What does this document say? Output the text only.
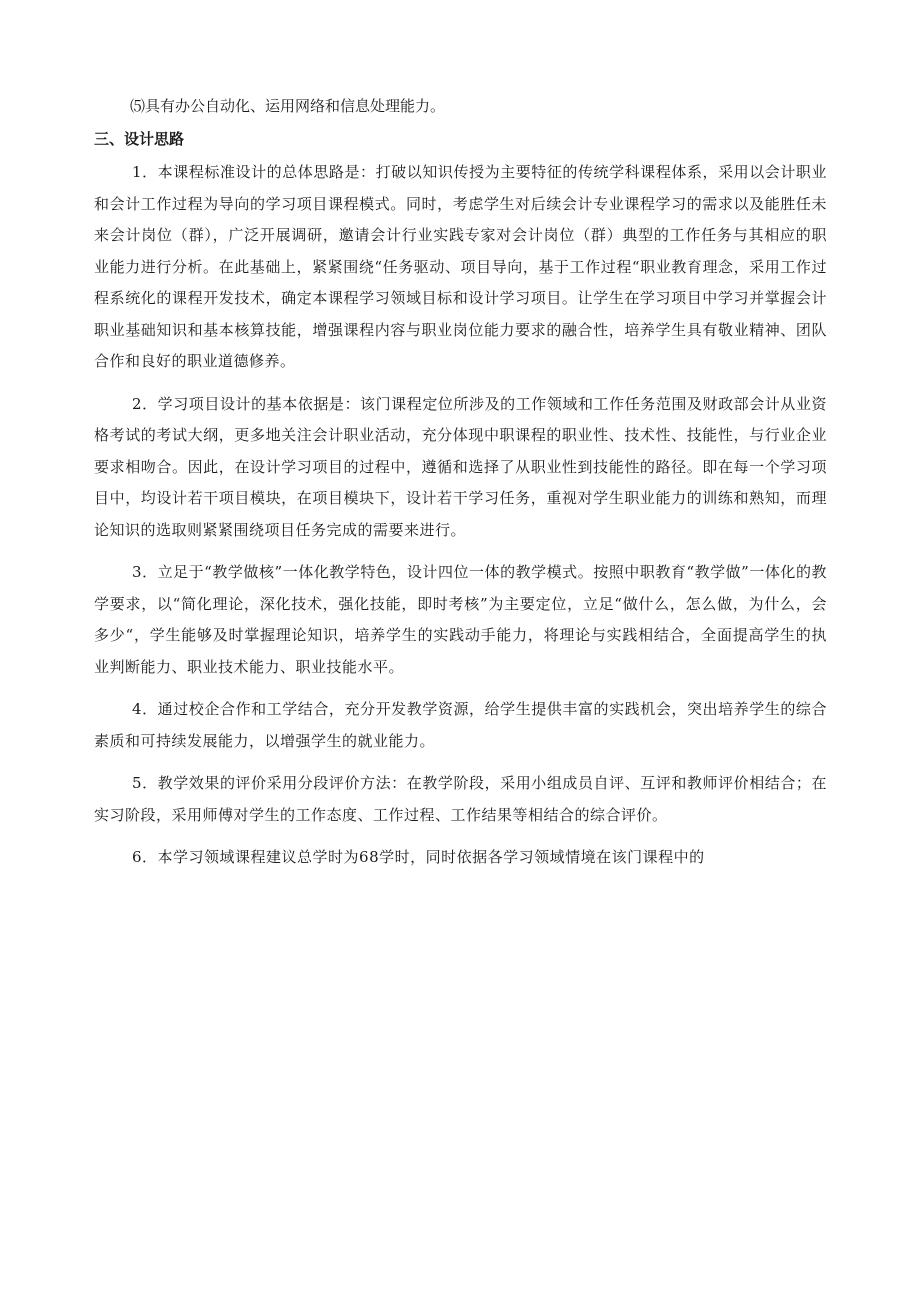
⑸具有办公自动化、运用网络和信息处理能力。

三、设计思路

1．本课程标准设计的总体思路是：打破以知识传授为主要特征的传统学科课程体系，采用以会计职业和会计工作过程为导向的学习项目课程模式。同时，考虑学生对后续会计专业课程学习的需求以及能胜任未来会计岗位（群），广泛开展调研，邀请会计行业实践专家对会计岗位（群）典型的工作任务与其相应的职业能力进行分析。在此基础上，紧紧围绕“任务驱动、项目导向，基于工作过程“职业教育理念，采用工作过程系统化的课程开发技术，确定本课程学习领域目标和设计学习项目。让学生在学习项目中学习并掌握会计职业基础知识和基本核算技能，增强课程内容与职业岗位能力要求的融合性，培养学生具有敬业精神、团队合作和良好的职业道德修养。

2．学习项目设计的基本依据是：该门课程定位所涉及的工作领域和工作任务范围及财政部会计从业资格考试的考试大纲，更多地关注会计职业活动，充分体现中职课程的职业性、技术性、技能性，与行业企业要求相吻合。因此，在设计学习项目的过程中，遵循和选择了从职业性到技能性的路径。即在每一个学习项目中，均设计若干项目模块，在项目模块下，设计若干学习任务，重视对学生职业能力的训练和熟知，而理论知识的选取则紧紧围绕项目任务完成的需要来进行。

3．立足于“教学做核”一体化教学特色，设计四位一体的教学模式。按照中职教育“教学做”一体化的教学要求，以“简化理论，深化技术，强化技能，即时考核”为主要定位，立足“做什么，怎么做，为什么，会多少“，学生能够及时掌握理论知识，培养学生的实践动手能力，将理论与实践相结合，全面提高学生的执业判断能力、职业技术能力、职业技能水平。

4．通过校企合作和工学结合，充分开发教学资源，给学生提供丰富的实践机会，突出培养学生的综合素质和可持续发展能力，以增强学生的就业能力。

5．教学效果的评价采用分段评价方法：在教学阶段，采用小组成员自评、互评和教师评价相结合；在实习阶段，采用师傅对学生的工作态度、工作过程、工作结果等相结合的综合评价。

6．本学习领域课程建议总学时为68学时，同时依据各学习领域情境在该门课程中的
